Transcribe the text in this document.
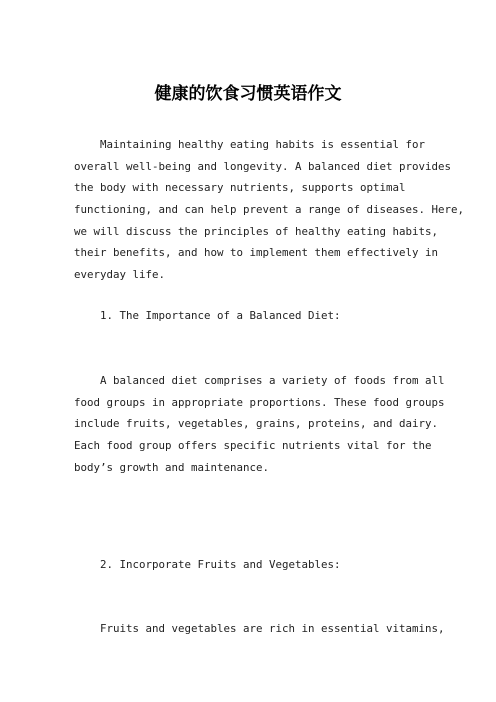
健康的饮食习惯英语作文
Maintaining healthy eating habits is essential for
overall well-being and longevity. A balanced diet provides
the body with necessary nutrients, supports optimal
functioning, and can help prevent a range of diseases. Here,
we will discuss the principles of healthy eating habits,
their benefits, and how to implement them effectively in
everyday life.
1. The Importance of a Balanced Diet:
A balanced diet comprises a variety of foods from all
food groups in appropriate proportions. These food groups
include fruits, vegetables, grains, proteins, and dairy.
Each food group offers specific nutrients vital for the
body’s growth and maintenance.
2. Incorporate Fruits and Vegetables:
Fruits and vegetables are rich in essential vitamins,
